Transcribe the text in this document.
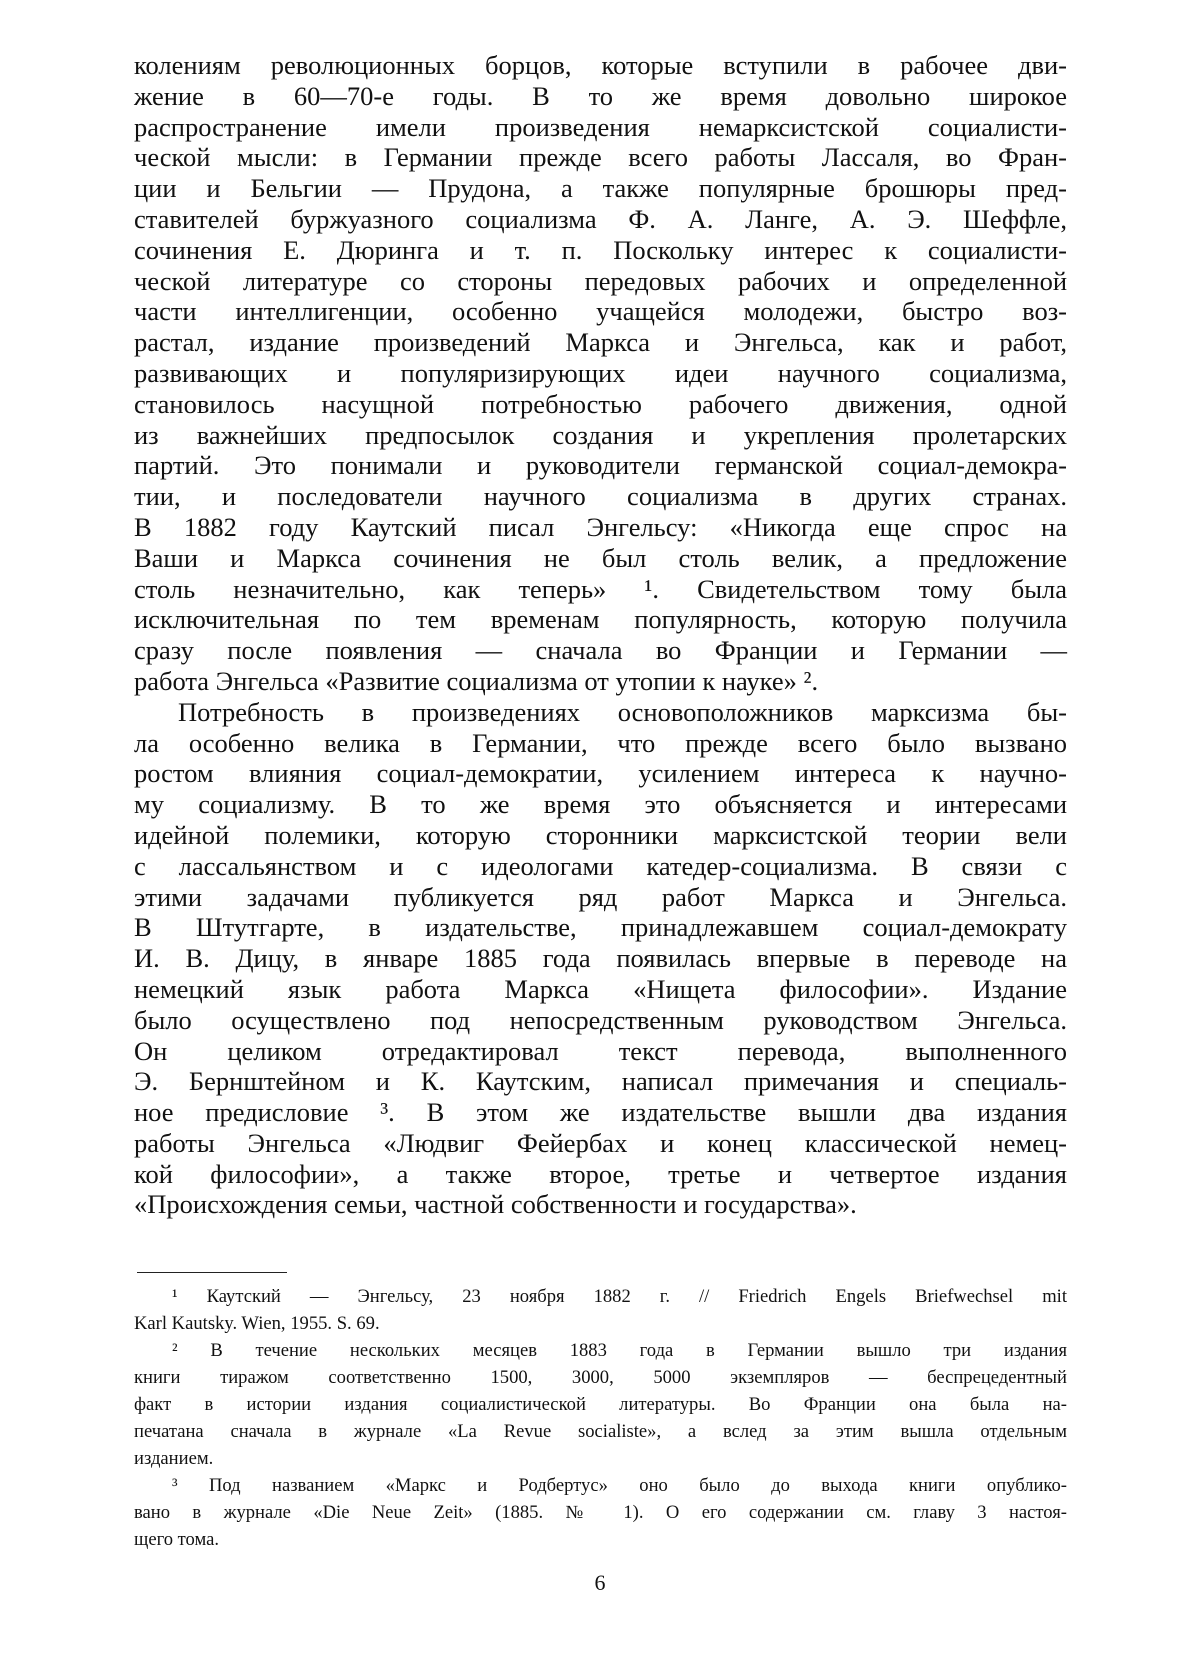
колениям революционных борцов, которые вступили в рабочее дви-
жение в 60—70-е годы. В то же время довольно широкое
распространение имели произведения немарксистской социалисти-
ческой мысли: в Германии прежде всего работы Лассаля, во Фран-
ции и Бельгии — Прудона, а также популярные брошюры пред-
ставителей буржуазного социализма Ф. А. Ланге, А. Э. Шеффле,
сочинения Е. Дюринга и т. п. Поскольку интерес к социалисти-
ческой литературе со стороны передовых рабочих и определенной
части интеллигенции, особенно учащейся молодежи, быстро воз-
растал, издание произведений Маркса и Энгельса, как и работ,
развивающих и популяризирующих идеи научного социализма,
становилось насущной потребностью рабочего движения, одной
из важнейших предпосылок создания и укрепления пролетарских
партий. Это понимали и руководители германской социал-демокра-
тии, и последователи научного социализма в других странах.
В 1882 году Каутский писал Энгельсу: «Никогда еще спрос на
Ваши и Маркса сочинения не был столь велик, а предложение
столь незначительно, как теперь» ¹. Свидетельством тому была
исключительная по тем временам популярность, которую получила
сразу после появления — сначала во Франции и Германии —
работа Энгельса «Развитие социализма от утопии к науке» ².
Потребность в произведениях основоположников марксизма бы-
ла особенно велика в Германии, что прежде всего было вызвано
ростом влияния социал-демократии, усилением интереса к научно-
му социализму. В то же время это объясняется и интересами
идейной полемики, которую сторонники марксистской теории вели
с лассальянством и с идеологами катедер-социализма. В связи с
этими задачами публикуется ряд работ Маркса и Энгельса.
В Штутгарте, в издательстве, принадлежавшем социал-демократу
И. В. Дицу, в январе 1885 года появилась впервые в переводе на
немецкий язык работа Маркса «Нищета философии». Издание
было осуществлено под непосредственным руководством Энгельса.
Он целиком отредактировал текст перевода, выполненного
Э. Бернштейном и К. Каутским, написал примечания и специаль-
ное предисловие ³. В этом же издательстве вышли два издания
работы Энгельса «Людвиг Фейербах и конец классической немец-
кой философии», а также второе, третье и четвертое издания
«Происхождения семьи, частной собственности и государства».
¹ Каутский — Энгельсу, 23 ноября 1882 г. // Friedrich Engels Briefwechsel mit
Karl Kautsky. Wien, 1955. S. 69.
² В течение нескольких месяцев 1883 года в Германии вышло три издания
книги тиражом соответственно 1500, 3000, 5000 экземпляров — беспрецедентный
факт в истории издания социалистической литературы. Во Франции она была на-
печатана сначала в журнале «La Revue socialiste», а вслед за этим вышла отдельным
изданием.
³ Под названием «Маркс и Родбертус» оно было до выхода книги опублико-
вано в журнале «Die Neue Zeit» (1885. № 1). О его содержании см. главу 3 настоя-
щего тома.
6
